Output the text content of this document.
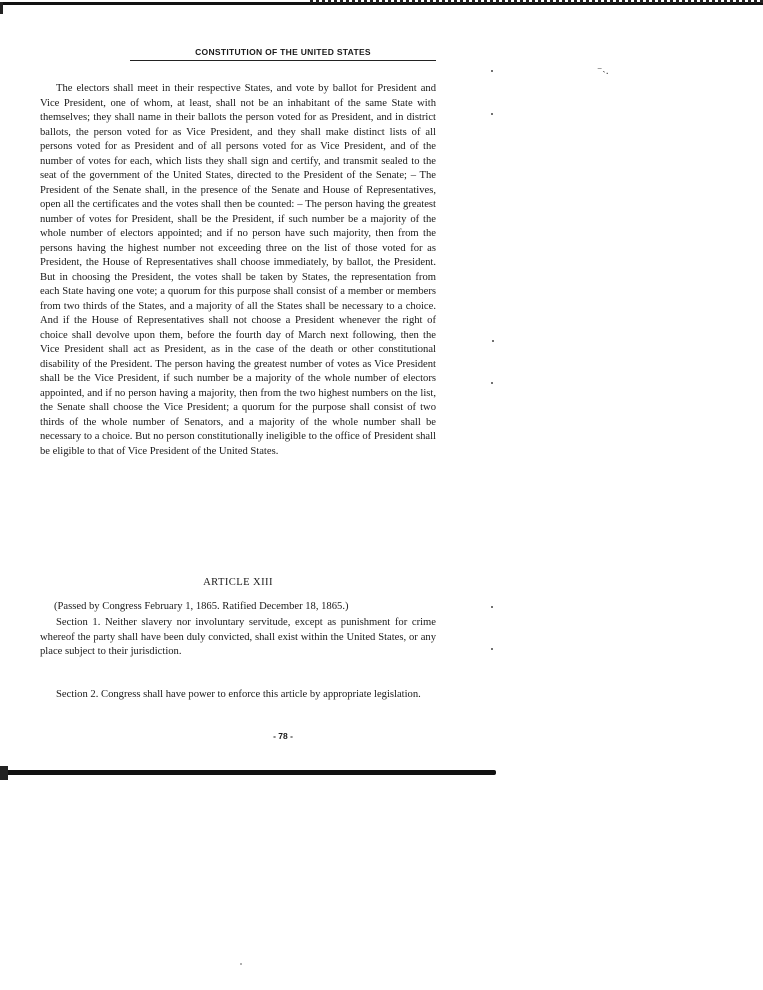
CONSTITUTION OF THE UNITED STATES

The electors shall meet in their respective States, and vote by ballot for President and Vice President, one of whom, at least, shall not be an inhabitant of the same State with themselves; they shall name in their ballots the person voted for as President, and in district ballots, the person voted for as Vice President, and they shall make distinct lists of all persons voted for as President and of all persons voted for as Vice President, and of the number of votes for each, which lists they shall sign and certify, and transmit sealed to the seat of the government of the United States, directed to the President of the Senate; – The President of the Senate shall, in the presence of the Senate and House of Representatives, open all the certificates and the votes shall then be counted: – The person having the greatest number of votes for President, shall be the President, if such number be a majority of the whole number of electors appointed; and if no person have such majority, then from the persons having the highest number not exceeding three on the list of those voted for as President, the House of Representatives shall choose immediately, by ballot, the President. But in choosing the President, the votes shall be taken by States, the representation from each State having one vote; a quorum for this purpose shall consist of a member or members from two thirds of the States, and a majority of all the States shall be necessary to a choice. And if the House of Representatives shall not choose a President whenever the right of choice shall devolve upon them, before the fourth day of March next following, then the Vice President shall act as President, as in the case of the death or other constitutional disability of the President. The person having the greatest number of votes as Vice President shall be the Vice President, if such number be a majority of the whole number of electors appointed, and if no person having a majority, then from the two highest numbers on the list, the Senate shall choose the Vice President; a quorum for the purpose shall consist of two thirds of the whole number of Senators, and a majority of the whole number shall be necessary to a choice. But no person constitutionally ineligible to the office of President shall be eligible to that of Vice President of the United States.

ARTICLE XIII
(Passed by Congress February 1, 1865. Ratified December 18, 1865.)

Section 1. Neither slavery nor involuntary servitude, except as punishment for crime whereof the party shall have been duly convicted, shall exist within the United States, or any place subject to their jurisdiction.

Section 2. Congress shall have power to enforce this article by appropriate legislation.

- 78 -
⁻˴.
